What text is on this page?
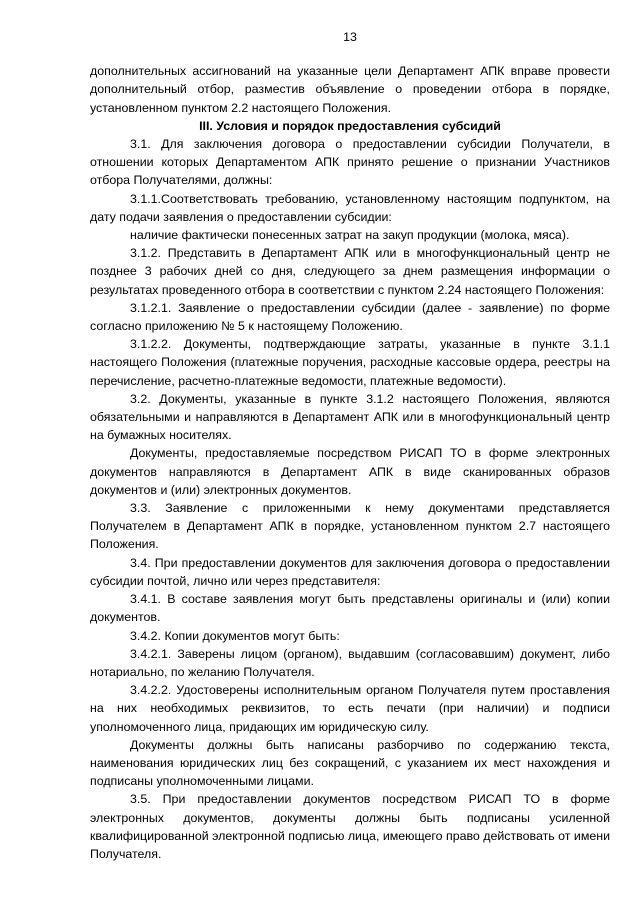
13

дополнительных ассигнований на указанные цели Департамент АПК вправе провести дополнительный отбор, разместив объявление о проведении отбора в порядке, установленном пунктом 2.2 настоящего Положения.

III. Условия и порядок предоставления субсидий

3.1. Для заключения договора о предоставлении субсидии Получатели, в отношении которых Департаментом АПК принято решение о признании Участников отбора Получателями, должны:

3.1.1.Соответствовать требованию, установленному настоящим подпунктом, на дату подачи заявления о предоставлении субсидии:

наличие фактически понесенных затрат на закуп продукции (молока, мяса).

3.1.2. Представить в Департамент АПК или в многофункциональный центр не позднее 3 рабочих дней со дня, следующего за днем размещения информации о результатах проведенного отбора в соответствии с пунктом 2.24 настоящего Положения:

3.1.2.1. Заявление о предоставлении субсидии (далее - заявление) по форме согласно приложению № 5 к настоящему Положению.

3.1.2.2. Документы, подтверждающие затраты, указанные в пункте 3.1.1 настоящего Положения (платежные поручения, расходные кассовые ордера, реестры на перечисление, расчетно-платежные ведомости, платежные ведомости).

3.2. Документы, указанные в пункте 3.1.2 настоящего Положения, являются обязательными и направляются в Департамент АПК или в многофункциональный центр на бумажных носителях.

Документы, предоставляемые посредством РИСАП ТО в форме электронных документов направляются в Департамент АПК в виде сканированных образов документов и (или) электронных документов.

3.3. Заявление с приложенными к нему документами представляется Получателем в Департамент АПК в порядке, установленном пунктом 2.7 настоящего Положения.

3.4. При предоставлении документов для заключения договора о предоставлении субсидии почтой, лично или через представителя:

3.4.1. В составе заявления могут быть представлены оригиналы и (или) копии документов.

3.4.2. Копии документов могут быть:

3.4.2.1. Заверены лицом (органом), выдавшим (согласовавшим) документ, либо нотариально, по желанию Получателя.

3.4.2.2. Удостоверены исполнительным органом Получателя путем проставления на них необходимых реквизитов, то есть печати (при наличии) и подписи уполномоченного лица, придающих им юридическую силу.

Документы должны быть написаны разборчиво по содержанию текста, наименования юридических лиц без сокращений, с указанием их мест нахождения и подписаны уполномоченными лицами.

3.5. При предоставлении документов посредством РИСАП ТО в форме электронных документов, документы должны быть подписаны усиленной квалифицированной электронной подписью лица, имеющего право действовать от имени Получателя.
